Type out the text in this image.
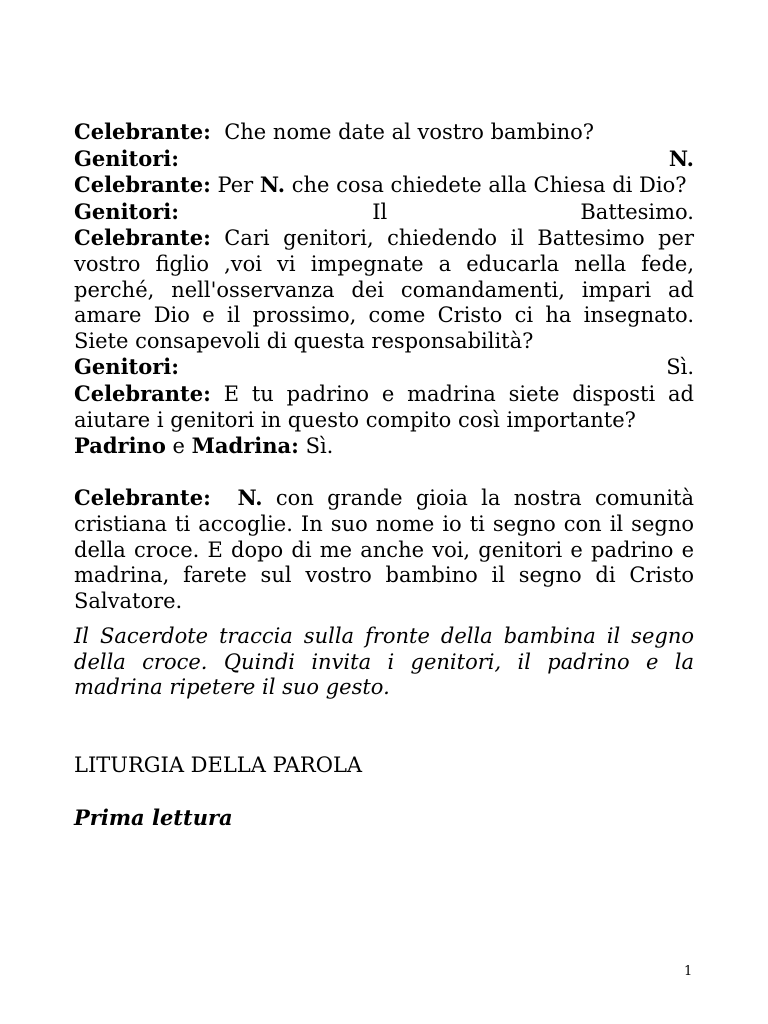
Celebrante: Che nome date al vostro bambino?

Genitori:	N.

Celebrante: Per N. che cosa chiedete alla Chiesa di Dio?

Genitori:	Il Battesimo.

Celebrante: Cari genitori, chiedendo il Battesimo per vostro figlio ,voi vi impegnate a educarla nella fede, perché, nell'osservanza dei comandamenti, impari ad amare Dio e il prossimo, come Cristo ci ha insegnato. Siete consapevoli di questa responsabilità?

Genitori:	Sì.

Celebrante: E tu padrino e madrina siete disposti ad aiutare i genitori in questo compito così importante?

Padrino e Madrina: Sì.

Celebrante: N. con grande gioia la nostra comunità cristiana ti accoglie. In suo nome io ti segno con il segno della croce. E dopo di me anche voi, genitori e padrino e madrina, farete sul vostro bambino il segno di Cristo Salvatore.

Il Sacerdote traccia sulla fronte della bambina il segno della croce. Quindi invita i genitori, il padrino e la madrina ripetere il suo gesto.

LITURGIA DELLA PAROLA

Prima lettura

1
